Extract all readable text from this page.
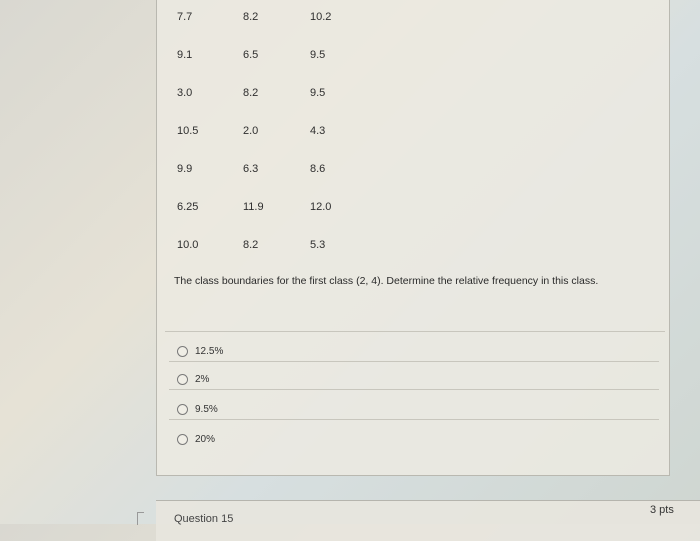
7.7	8.2	10.2
9.1	6.5	9.5
3.0	8.2	9.5
10.5	2.0	4.3
9.9	6.3	8.6
6.25	11.9	12.0
10.0	8.2	5.3
The class boundaries for the first class (2, 4). Determine the relative frequency in this class.
12.5%
2%
9.5%
20%
Question 15
3 pts
